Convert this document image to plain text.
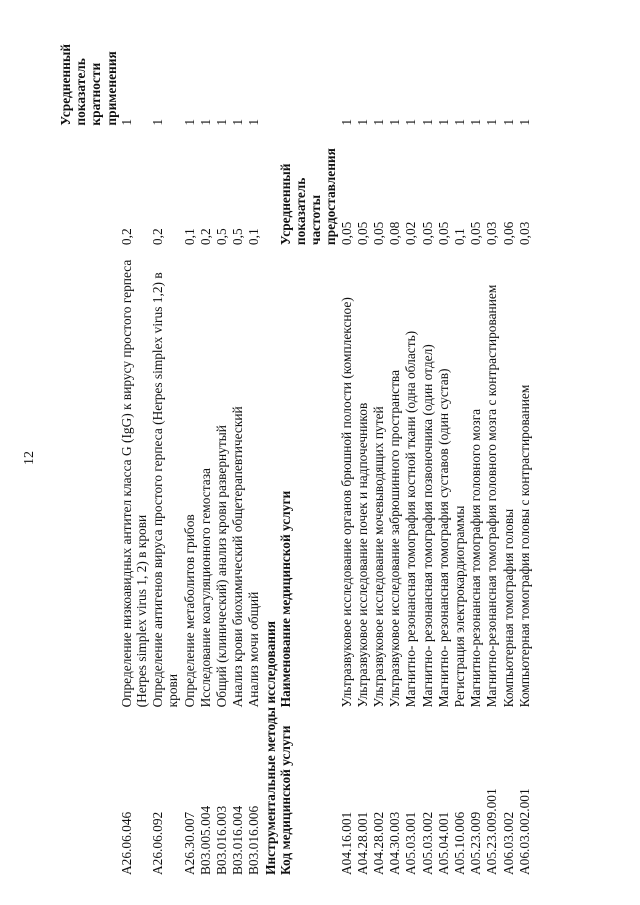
12
			Усредненный показатель кратности применения
A26.06.046	Определение низкоавидных антител класса G (IgG) к вирусу простого герпеса (Herpes simplex virus 1, 2) в крови	0,2	1
A26.06.092	Определение антигенов вируса простого герпеса (Herpes simplex virus 1,2) в крови	0,2	1
A26.30.007	Определение метаболитов грибов	0,1	1
B03.005.004	Исследование коагуляционного гемостаза	0,2	1
B03.016.003	Общий (клинический) анализ крови развернутый	0,5	1
B03.016.004	Анализ крови биохимический общетерапевтический	0,5	1
B03.016.006	Анализ мочи общий	0,1	1
Инструментальные методы исследования			
Код медицинской услуги	Наименование медицинской услуги	Усредненный показатель частоты предоставления	
A04.16.001	Ультразвуковое исследование органов брюшной полости (комплексное)	0,05	1
A04.28.001	Ультразвуковое исследование почек и надпочечников	0,05	1
A04.28.002	Ультразвуковое исследование мочевыводящих путей	0,05	1
A04.30.003	Ультразвуковое исследование забрюшинного пространства	0,08	1
A05.03.001	Магнитно- резонансная томография костной ткани (одна область)	0,02	1
A05.03.002	Магнитно- резонансная томография позвоночника (один отдел)	0,05	1
A05.04.001	Магнитно- резонансная томография суставов (один сустав)	0,05	1
A05.10.006	Регистрация электрокардиограммы	0,1	1
A05.23.009	Магнитно-резонансная томография головного мозга	0,05	1
A05.23.009.001	Магнитно-резонансная томография головного мозга с контрастированием	0,03	1
A06.03.002	Компьютерная томография головы	0,06	1
A06.03.002.001	Компьютерная томография головы с контрастированием	0,03	1
